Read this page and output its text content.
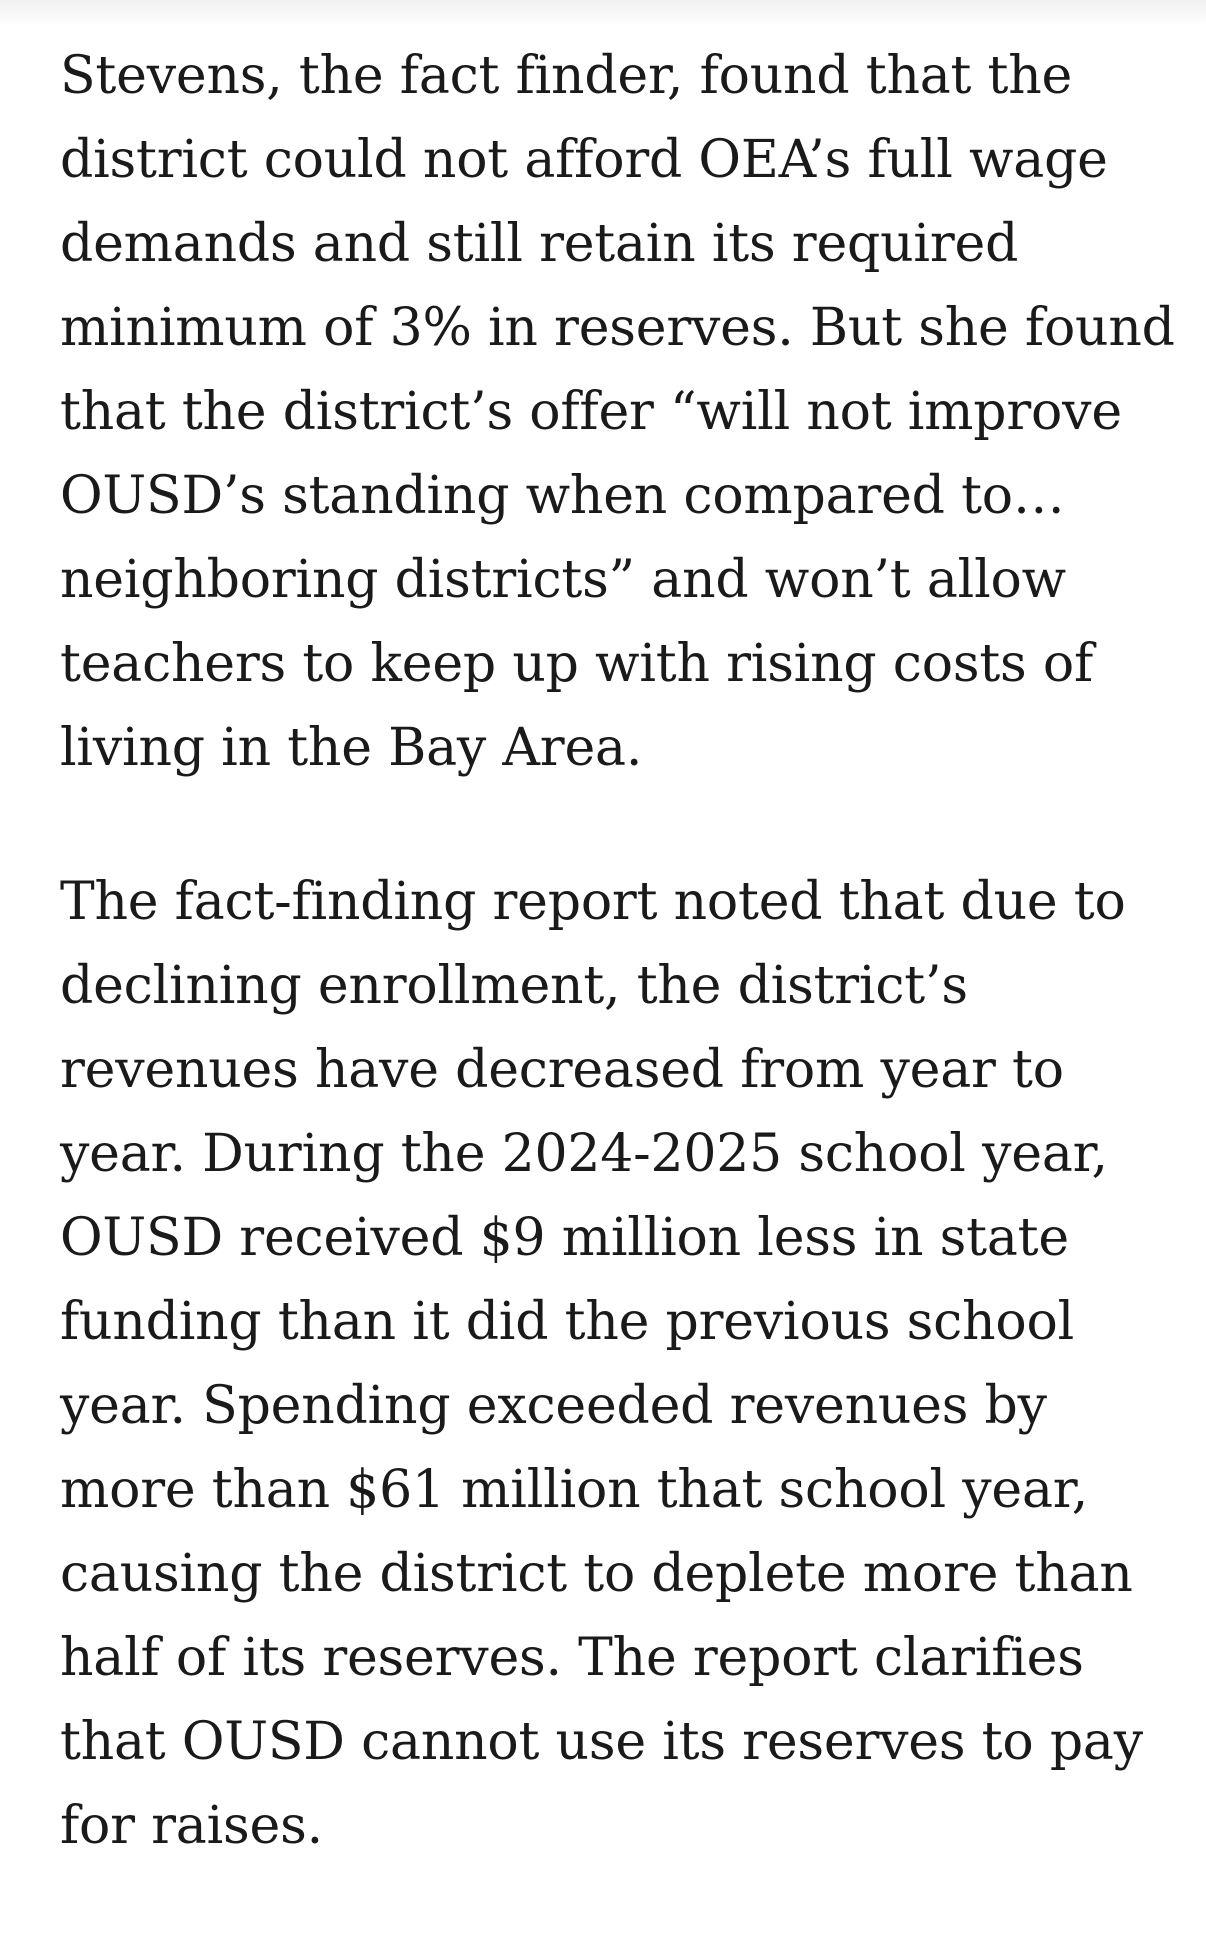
Stevens, the fact finder, found that the
district could not afford OEA’s full wage
demands and still retain its required
minimum of 3% in reserves. But she found
that the district’s offer “will not improve
OUSD’s standing when compared to…
neighboring districts” and won’t allow
teachers to keep up with rising costs of
living in the Bay Area.

The fact-finding report noted that due to
declining enrollment, the district’s
revenues have decreased from year to
year. During the 2024-2025 school year,
OUSD received $9 million less in state
funding than it did the previous school
year. Spending exceeded revenues by
more than $61 million that school year,
causing the district to deplete more than
half of its reserves. The report clarifies
that OUSD cannot use its reserves to pay
for raises.
